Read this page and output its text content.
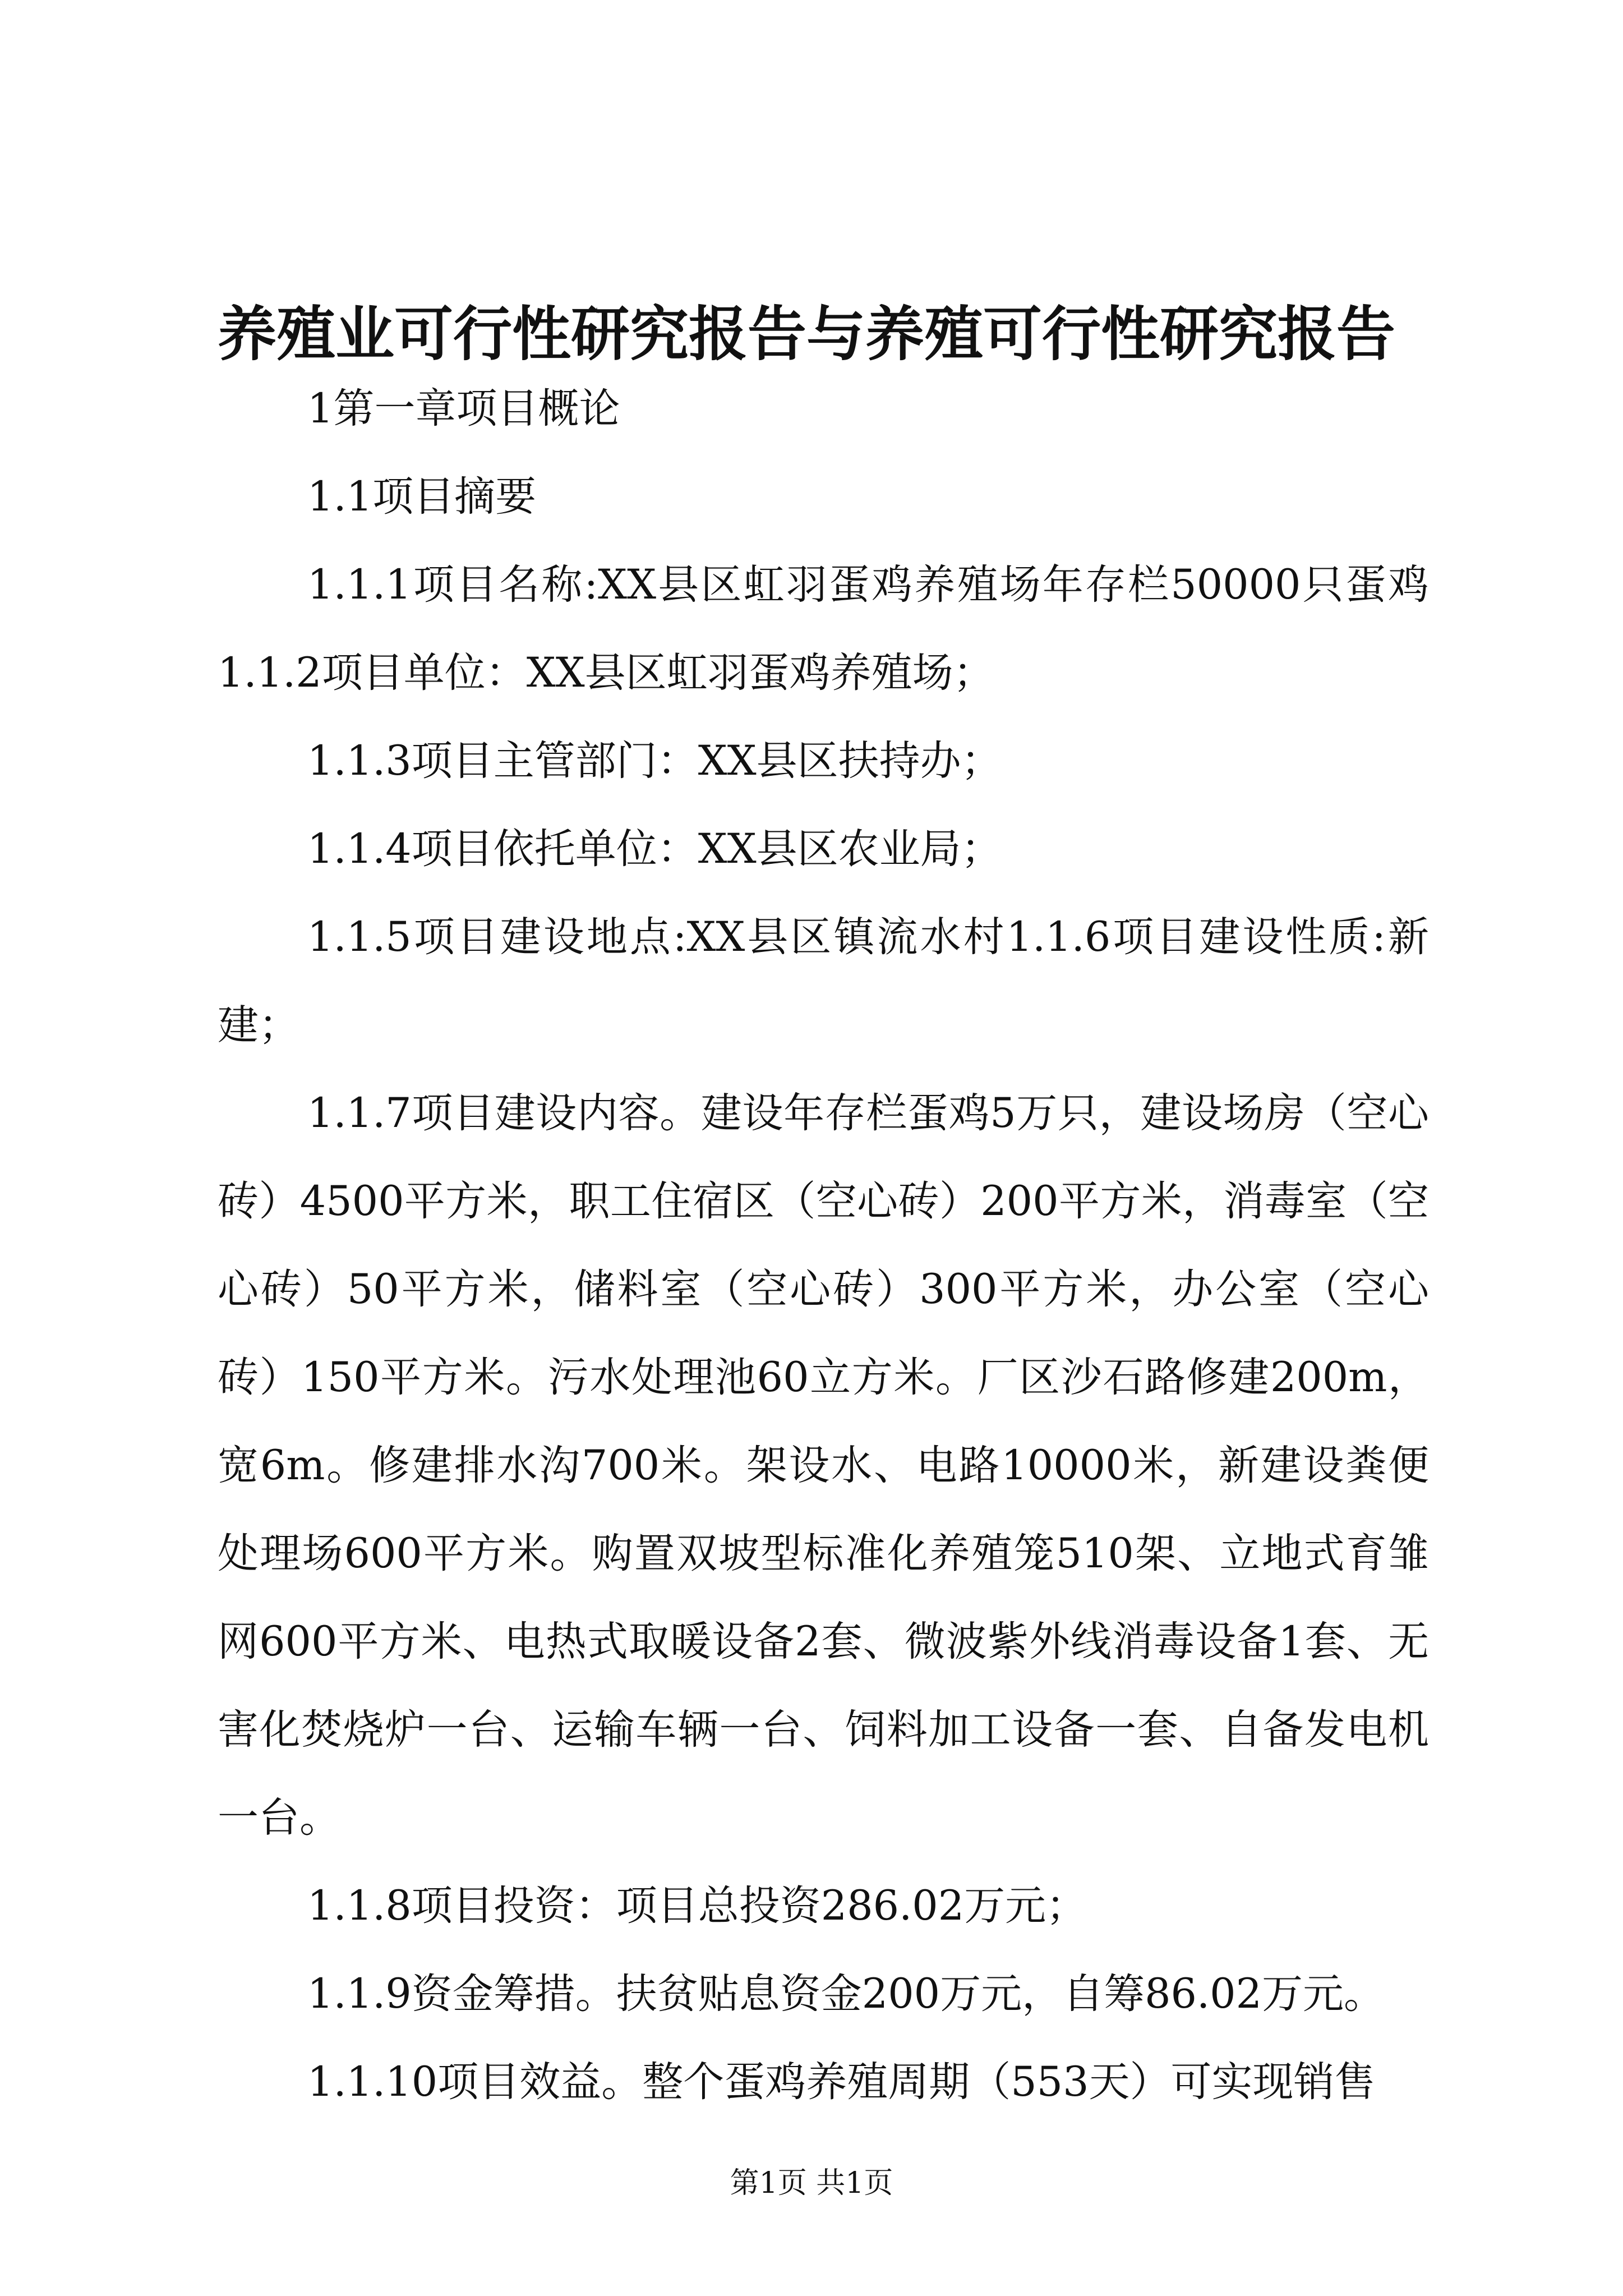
养殖业可行性研究报告与养殖可行性研究报告

1第一章项目概论

1.1项目摘要

1.1.1项目名称:XX县区虹羽蛋鸡养殖场年存栏50000只蛋鸡1.1.2项目单位：XX县区虹羽蛋鸡养殖场；

1.1.3项目主管部门：XX县区扶持办；

1.1.4项目依托单位：XX县区农业局；

1.1.5项目建设地点:XX县区镇流水村1.1.6项目建设性质:新建；

1.1.7项目建设内容。建设年存栏蛋鸡5万只，建设场房（空心砖）4500平方米，职工住宿区（空心砖）200平方米，消毒室（空心砖）50平方米，储料室（空心砖）300平方米，办公室（空心砖）150平方米。污水处理池60立方米。厂区沙石路修建200m，宽6m。修建排水沟700米。架设水、电路10000米，新建设粪便处理场600平方米。购置双坡型标准化养殖笼510架、立地式育雏网600平方米、电热式取暖设备2套、微波紫外线消毒设备1套、无害化焚烧炉一台、运输车辆一台、饲料加工设备一套、自备发电机一台。

1.1.8项目投资：项目总投资286.02万元；

1.1.9资金筹措。扶贫贴息资金200万元，自筹86.02万元。

1.1.10项目效益。整个蛋鸡养殖周期（553天）可实现销售

第1页 共1页
